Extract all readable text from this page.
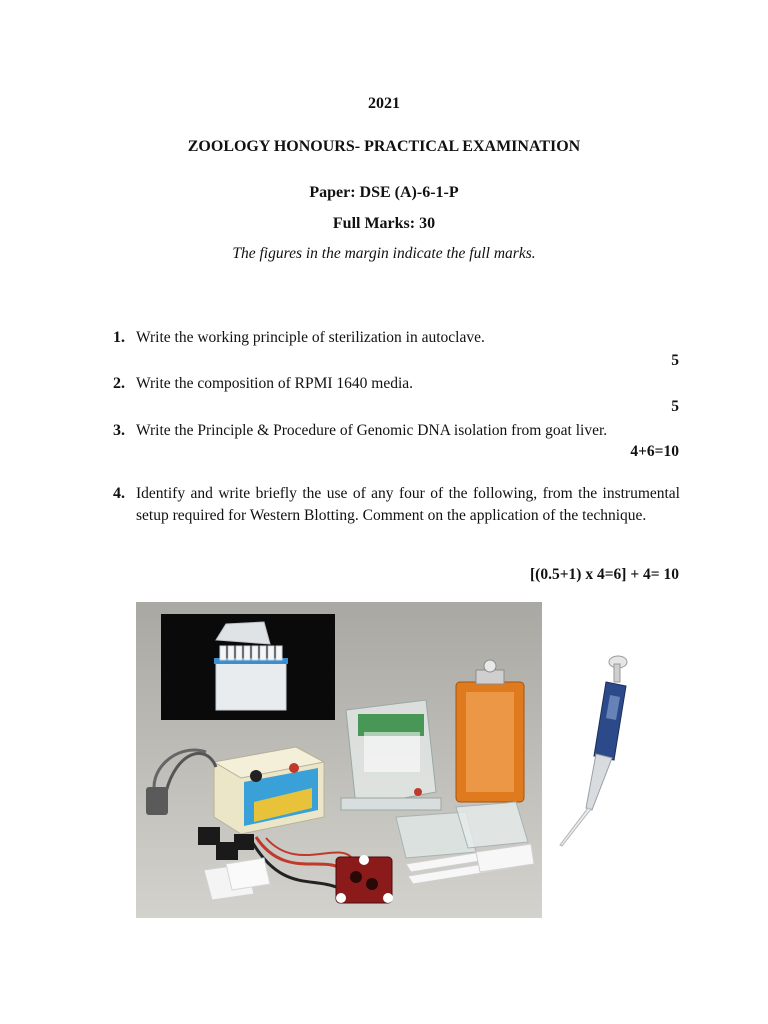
2021
ZOOLOGY HONOURS- PRACTICAL EXAMINATION
Paper: DSE (A)-6-1-P
Full Marks: 30
The figures in the margin indicate the full marks.
1. Write the working principle of sterilization in autoclave.
5
2. Write the composition of RPMI 1640 media.
5
3. Write the Principle & Procedure of Genomic DNA isolation from goat liver.
4+6=10
4. Identify and write briefly the use of any four of the following, from the instrumental setup required for Western Blotting. Comment on the application of the technique.
[(0.5+1) x 4=6] + 4= 10
